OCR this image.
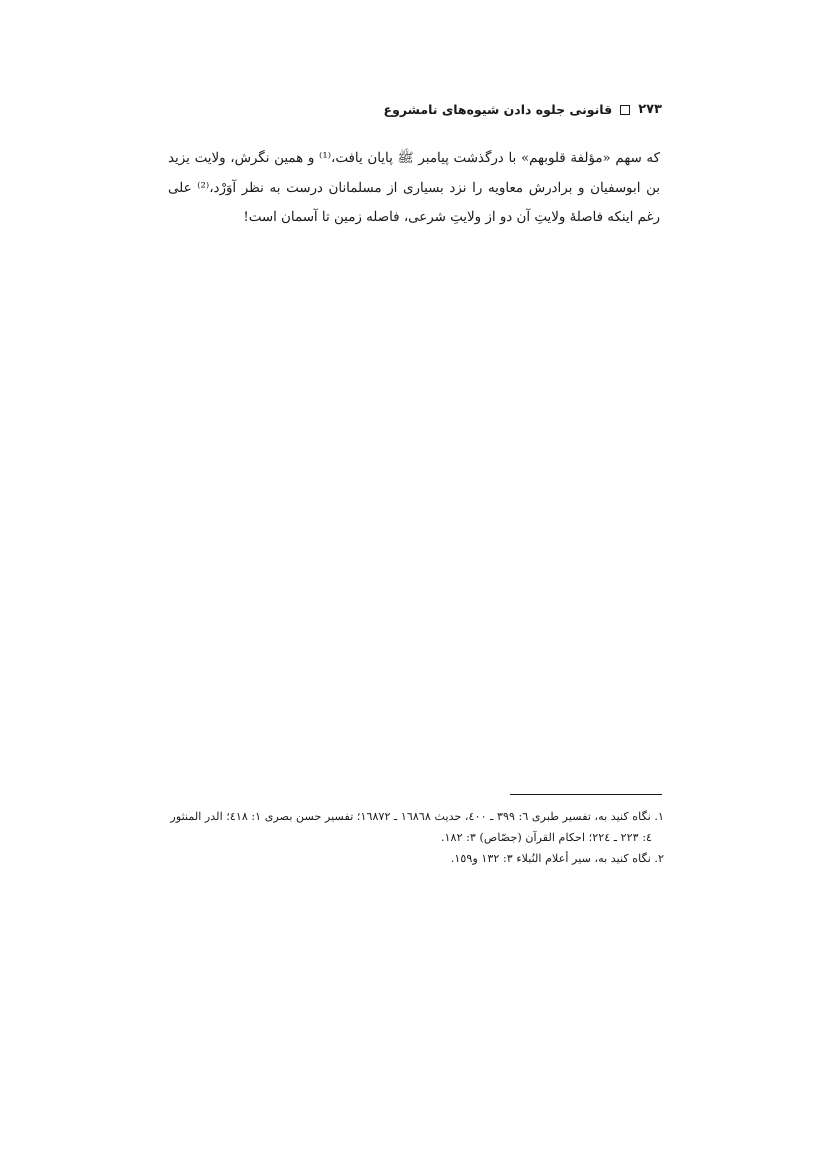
۲۷۳
قانونی جلوه دادن شیوه‌های نامشروع

که سهم «مؤلفة قلوبهم» با درگذشت پیامبر ﷺ پایان یافت،⁽¹⁾ و همین نگرش، ولایت یزید بن ابوسفیان و برادرش معاویه را نزد بسیاری از مسلمانان درست به نظر آوَرْد،⁽²⁾ علی رغم اینکه فاصلهٔ ولایتِ آن دو از ولایتِ شرعی، فاصله زمین تا آسمان است!

۱. نگاه کنید به، تفسیر طبری ٦: ٣٩٩ ـ ٤٠٠، حدیث ١٦٨٦٨ ـ ١٦٨٧٢؛ تفسیر حسن بصری ١: ٤١٨؛ الدر المنثور ٤: ٢٢٣ ـ ٢٢٤؛ احکام القرآن (جصّاص) ٣: ١٨٢.

۲. نگاه کنید به، سیر أعلام النُبلاء ٣: ١٣٢ و١٥٩.
